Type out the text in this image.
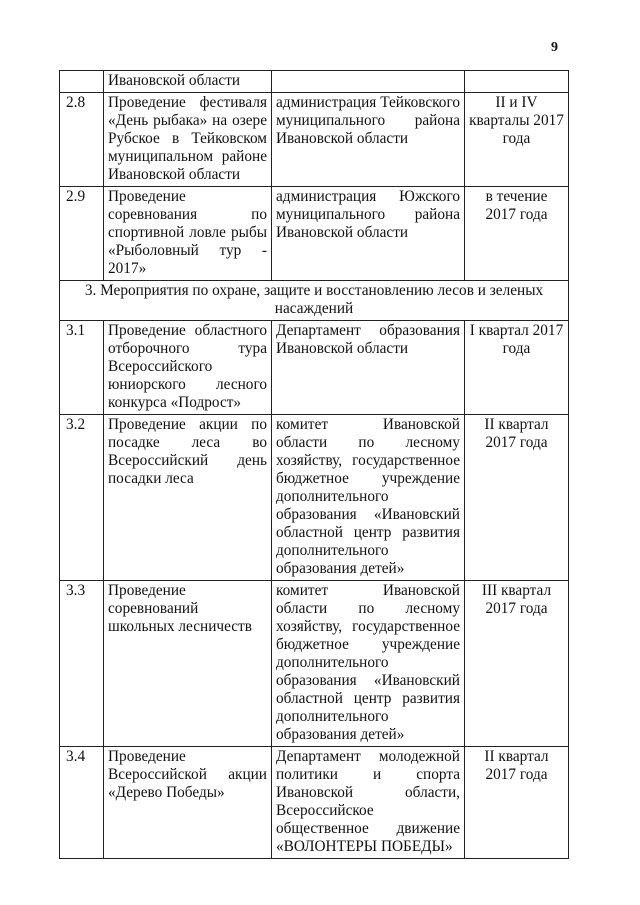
9
	Ивановской области		
2.8	Проведение фестиваля «День рыбака» на озере Рубское в Тейковском муниципальном районе Ивановской области	администрация Тейковского муниципального района Ивановской области	II и IV кварталы 2017 года
2.9	Проведение соревнования по спортивной ловле рыбы «Рыболовный тур - 2017»	администрация Южского муниципального района Ивановской области	в течение 2017 года
3. Мероприятия по охране, защите и восстановлению лесов и зеленых насаждений			
3.1	Проведение областного отборочного тура Всероссийского юниорского лесного конкурса «Подрост»	Департамент образования Ивановской области	I квартал 2017 года
3.2	Проведение акции по посадке леса во Всероссийский день посадки леса	комитет Ивановской области по лесному хозяйству, государственное бюджетное учреждение дополнительного образования «Ивановский областной центр развития дополнительного образования детей»	II квартал 2017 года
3.3	Проведение соревнований школьных лесничеств	комитет Ивановской области по лесному хозяйству, государственное бюджетное учреждение дополнительного образования «Ивановский областной центр развития дополнительного образования детей»	III квартал 2017 года
3.4	Проведение Всероссийской акции «Дерево Победы»	Департамент молодежной политики и спорта Ивановской области, Всероссийское общественное движение «ВОЛОНТЕРЫ ПОБЕДЫ»	II квартал 2017 года
